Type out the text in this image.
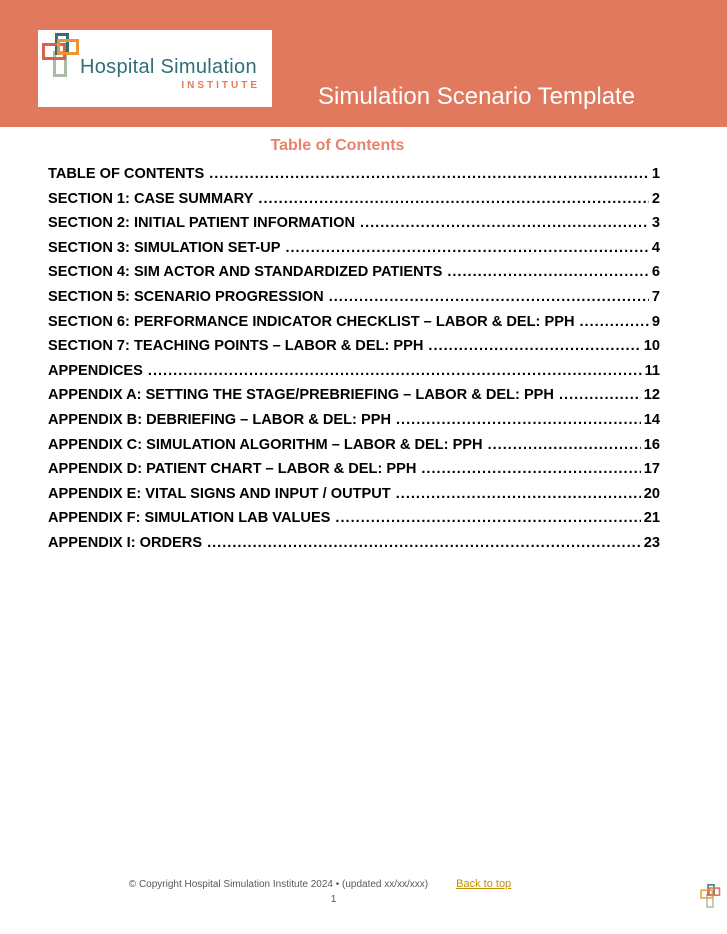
Hospital Simulation
INSTITUTE Simulation Scenario Template
Table of Contents
TABLE OF CONTENTS .....	1
SECTION 1: CASE SUMMARY .....	2
SECTION 2: INITIAL PATIENT INFORMATION .....	3
SECTION 3: SIMULATION SET-UP .....	4
SECTION 4: SIM ACTOR AND STANDARDIZED PATIENTS .....	6
SECTION 5: SCENARIO PROGRESSION .....	7
SECTION 6: PERFORMANCE INDICATOR CHECKLIST – LABOR & DEL: PPH .....	9
SECTION 7: TEACHING POINTS – LABOR & DEL: PPH .....	10
APPENDICES .....	11
APPENDIX A: SETTING THE STAGE/PREBRIEFING – LABOR & DEL: PPH .....	12
APPENDIX B: DEBRIEFING – LABOR & DEL: PPH .....	14
APPENDIX C: SIMULATION ALGORITHM – LABOR & DEL: PPH .....	16
APPENDIX D: PATIENT CHART – LABOR & DEL: PPH .....	17
APPENDIX E: VITAL SIGNS AND INPUT / OUTPUT .....	20
APPENDIX F: SIMULATION LAB VALUES .....	21
APPENDIX I: ORDERS .....	23
© Copyright Hospital Simulation Institute 2024 • (updated xx/xx/xxx)	Back to top
1
